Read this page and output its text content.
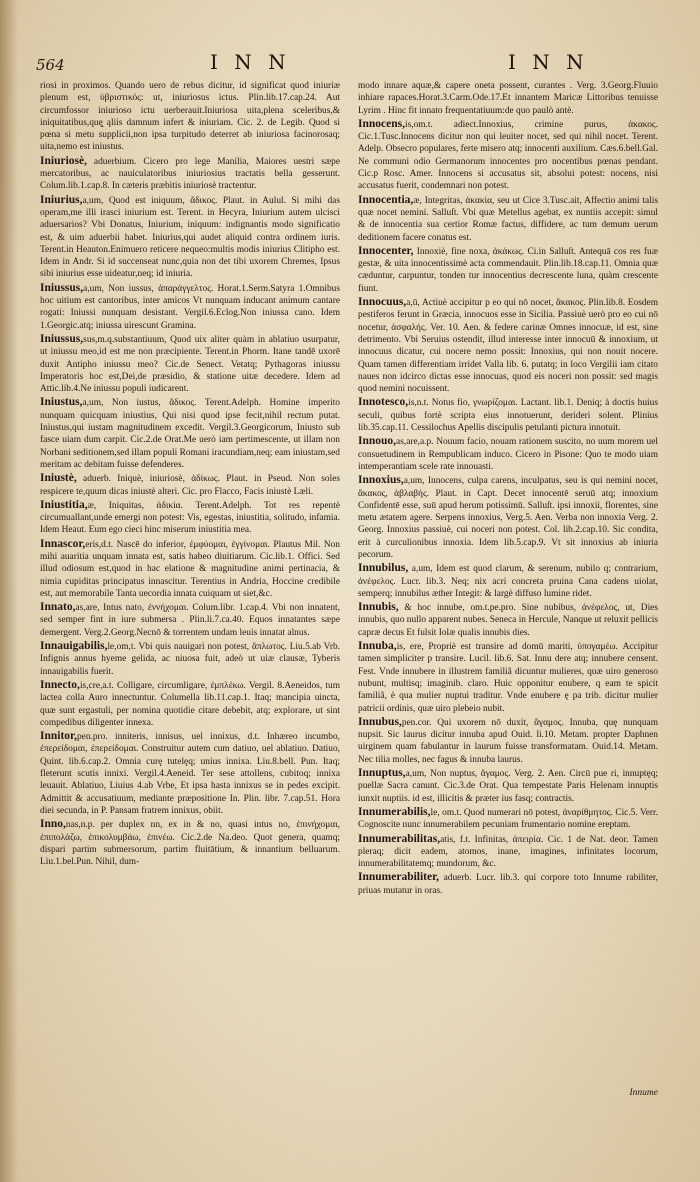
564	I N N	I N N

riosi in proximos. Quando uero de rebus dicitur, id significat quod iniuriæ plenum est, ὑβριστικός: ut, iniuriosus ictus. Plin.lib.17.cap.24. Aut circumfossor iniurioso ictu uerberauit.Iniuriosa uita,plena sceleribus,& iniquitatibus,quę̨ ąliis damnum infert & iniuriam. Cic. 2. de Legib. Quod si pœna si metu supplicii,non ipsa turpitudo deterret ab iniuriosa facinorosaq; uita,nemo est iniustus.

Iniuriosè, aduerbium. Cicero pro lege Manilia, Maiores uestri sæpe mercatoribus, ac nauiculatoribus iniuriosius tractatis bella gesserunt. Colum.lib.1.cap.8. In cæteris præbitis iniuriosè tractentur.

Iniurius,a,um, Quod est iniquum, ἄδικος. Plaut. in Aulul. Si mihi das operam,me illi irasci iniurium est. Terent. in Hecyra, Iniurium autem ulcisci aduersarios? Vbi Donatus, Iniurium, iniquum: indignantis modo significatio est, & uim aduerbii habet. Iniurius,qui audet aliquid contra ordinem iuris. Terent.in Heauton.Enimuero reticere nequeo:multis modis iniurius Clitipho est. Idem in Andr. Si id succenseat nunc,quia non det tibi uxorem Chremes, Ipsus sibi iniurius esse uideatur,neq; id iniuria.

Iniussus,a,um, Non iussus, ἀπαράγγελτος. Horat.1.Serm.Satyra 1.Omnibus hoc uitium est cantoribus, inter amicos Vt nunquam inducant animum cantare rogati: Iniussi nunquam desistant. Vergil.6.Eclog.Non iniussa cano. Idem 1.Georgic.atq; iniussa uirescunt Gramina.

Iniussus,sus,m.q.substantiuum, Quod uix aliter quàm in ablatiuo usurpatur, ut iniussu meo,id est me non præcipiente. Terent.in Phorm. Itane tandē uxorē duxit Antipho iniussu meo? Cic.de Senect. Vetatq; Pythagoras iniussu Imperatoris hoc est,Dei,de præsidio, & statione uitæ decedere. Idem ad Attic.lib.4.Ne iniussu populi iudicarent.

Iniustus,a,um, Non iustus, ἄδικος. Terent.Adelph. Homine imperito nunquam quicquam iniustius, Qui nisi quod ipse fecit,nihil rectum putat. Iniustus,qui iustam magnitudinem excedit. Vergil.3.Georgicorum, Iniusto sub fasce uiam dum carpit. Cic.2.de Orat.Me uerò iam pertimescente, ut illam non Norbani seditionem,sed illam populi Romani iracundiam,neq; eam iniustam,sed meritam ac debitam fuisse defenderes.

Iniustè, aduerb. Iniquè, iniuriosè, ἀδίκως. Plaut. in Pseud. Non soles respicere te,quum dicas iniustè alteri. Cic. pro Flacco, Facis iniustè Læli.

Iniustitia,æ, Iniquitas, ἀδικία. Terent.Adelph. Tot res repentè circumuallant,unde emergi non potest: Vis, egestas, iniustitia, solitudo, infamia. Idem Heaut. Eum ego cieci hinc miserum iniustitia mea.

Innascor,eris,d.t. Nascē do inferior, ἐμφύομαι, ἐγγίνομαι. Plautus Mil. Non mihi auaritia unquam innata est, satis habeo diuitiarum. Cic.lib.1. Offici. Sed illud odiosum est,quod in hac elatione & magnitudine animi pertinacia, & nimia cupiditas principatus innascitur. Terentius in Andria, Hoccine credibile est, aut memorabile Tanta uecordia innata cuiquam ut siet,&c.

Innato,as,are, Intus nato, ἐννήχομαι. Colum.libr. 1.cap.4. Vbi non innatent, sed semper fint in iure submersa . Plin.li.7.ca.40. Equos innatantes sæpe demergent. Verg.2.Georg.Necnō & torrentem undam leuis innatat alnus.

Innauigabilis,le,om,t. Vbi quis nauigari non potest, ἄπλωτος. Liu.5.ab Vrb. Infignis annus hyeme gelida, ac niuosa fuit, adeò ut uiæ clausæ, Tyberis innauigabilis fuerit.

Innecto,is,cre,a.t. Colligare, circumligare, ἐμπλέκω. Vergil. 8.Aeneidos, tum lactea colla Auro innectuntur. Columella lib.11.cap.1. Itaq; mancipia uincta, quæ sunt ergastuli, per nomina quotidie citare debebit, atq; explorare, ut sint compedibus diligenter innexa.

Innitor,pen.pro. inniteris, innisus, uel innixus, d.t. Inhæreo incumbo, ἐπερείδομαι, ἐπερείδομαι. Construitur autem cum datiuo, uel ablatiuo. Datiuo, Quint. lib.6.cap.2. Omnia curę tutelęq; unius innixa. Liu.8.bell. Pun. Itaq; fleterunt scutis innixi. Vergil.4.Aeneid. Ter sese attollens, cubitoq; innixa leuauit. Ablatiuo, Liuius 4.ab Vrbe, Et ipsa hasta innixus se in pedes excipit. Admittit & accusatiuum, mediante præpositione In. Plin. libr. 7.cap.51. Hora diei secunda, in P. Pansam fratrem innixus, obiit.

Inno,nas,n.p. per duplex nn, ex in & no, quasi intus no, ἐπινήχομαι, ἐπιπολάζω, ἐπικολυμβάω, ἐπινέω. Cic.2.de Na.deo. Quot genera, quamq; dispari partim submersorum, partim fluitātium, & innantium belluarum. Liu.1.bel.Pun. Nihil, dum-

modo innare aquæ,& capere oneta possent, curantes . Verg. 3.Georg.Fluuio inhiare rapaces.Horat.3.Carm.Ode.17.Et innantem Maricæ Littoribus tenuisse Lyrim . Hinc fit innato frequentatiuum:de quo paulò antè.

Innocens,is,om.t. adiect.Innoxius, crimine purus, ἀκακος. Cic.1.Tusc.Innocens dicitur non qui leuiter nocet, sed qui nihil nocet. Terent. Adelp. Obsecro populares, ferte misero atq; innocenti auxilium. Cæs.6.bell.Gal. Ne communi odio Germanorum innocentes pro nocentibus pœnas pendant. Cic.p Rosc. Amer. Innocens si accusatus sit, absolui potest: nocens, nisi accusatus fuerit, condemnari non potest.

Innocentia,æ, Integritas, ἀκακία, seu ut Cice 3.Tusc.ait, Affectio animi talis quæ nocet nemini. Salluſt. Vbi quæ Metellus agebat, ex nuntiis accepit: simul & de innocentia sua certior Romæ factus, diffidere, ac tum demum uerum deditionem facere conatus est.

Innocenter, Innoxiè, fine noxa, ἀκάκως. Ci.in Salluſt. Antequā cos res fuæ gestæ, & uita innocentissimè acta commendauit. Plin.lib.18.cap.11. Omnia quæ cæduntur, carpuntur, tonden tur innocentius decrescente luna, quàm crescente fiunt.

Innocuus,a,ū, Actiuè accipitur p eo qui nō nocet, ἄκακος. Plin.lib.8. Eosdem pestiferos ferunt in Græcia, innocuos esse in Sicilia. Passiuè uerò pro eo cui nō nocetur, ἀσφαλής. Ver. 10. Aen. & federe carinæ Omnes innocuæ, id est, sine detrimento. Vbi Seruius ostendit, illud interesse inter innocuū & innoxium, ut innocuus dicatur, cui nocere nemo possit: Innoxius, qui non nouit nocere. Quam tamen differentiam irridet Valla lib. 6. putatq; in loco Vergilii iam citato naues non idcirco dictas esse innocuas, quod eis noceri non possit: sed magis quod nemini nocuissent.

Innotesco,is,n.t. Notus fio, γνωρίζομαι. Lactant. lib.1. Deniq; à doctis huius seculi, quibus fortè scripta eius innotuerunt, derideri solent. Plinius lib.35.cap.11. Cessilochus Apellis discipulis petulanti pictura innotuit.

Innouo,as,are,a.p. Nouum facio, nouam rationem suscito, no uum morem uel consuetudinem in Rempublicam induco. Cicero in Pisone: Quo te modo uiam intemperantiam scele rate innouasti.

Innoxius,a,um, Innocens, culpa carens, inculpatus, seu is qui nemini nocet, ἄκακος, ἀβλαβής. Plaut. in Capt. Decet innocentē seruū atq; innoxium Confidentē esse, suū apud herum potissimū. Salluſt. ipsi innoxii, florentes, sine metu ætatem agere. Serpens innoxius, Verg.5. Aen. Verba non innoxia Verg. 2. Georg. Innoxius passiuè, cui noceri non potest. Col. lib.2.cap.10. Sic condita, erit à curculionibus innoxia. Idem lib.5.cap.9. Vt sit innoxius ab iniuria pecorum.

Innubilus, a,um, Idem est quod clarum, & serenum, nubilo q; contrarium, ἀνέφελος. Lucr. lib.3. Neq; nix acri concreta pruina Cana cadens uiolat, semperq; innubilus æther Integit: & largè diffuso lumine ridet.

Innubis, & hoc innube, om.t.pe.pro. Sine nubibus, ἀνέφελος, ut, Dies innubis, quo nullo apparent nubes. Seneca in Hercule, Nanque ut reluxit pellicis capræ decus Et fulsit Iolæ qualis innubis dies.

Innuba,is, ere, Propriè est transire ad domū mariti, ὑπογαμέω. Accipitur tamen simpliciter p transire. Lucil. lib.6. Sat. Innu dere atq; innubere censent. Fest. Vnde innubere in illustrem familiã dicuntur mulieres, quæ uiro generoso nubunt, multisq; imaginib. claro. Huic opponitur enubere, q eam te spicit familiã, è qua mulier nuptui traditur. Vnde enubere ę pa trib. dicitur mulier patricii ordinis, quæ uiro plebeio nubit.

Innubus,pen.cor. Qui uxorem nō duxit, ἄγαμος. Innuba, quę nunquam nupsit. Sic laurus dicitur innuba apud Ouid. li.10. Metam. propter Daphnen uirginem quam fabulantur in laurum fuisse transformatam. Ouid.14. Metam. Nec tilia molles, nec fagus & innuba laurus.

Innuptus,a,um, Non nuptus, ἄγαμος. Verg. 2. Aen. Circū pue ri, innuptęq; puellæ Sacra canunt. Cic.3.de Orat. Qua tempestate Paris Helenam innuptis iunxit nuptiis. id est, illicitis & præter ius fasq; contractis.

Innumerabilis,le, om.t. Quod numerari nō potest, ἀναρίθμητος. Cic.5. Verr. Cognoscite nunc innumerabilem pecuniam frumentario nomine ereptam.

Innumerabilitas,atis, f.t. Infinitas, ἀπειρία. Cic. 1 de Nat. deor. Tamen pleraq; dicit eadem, atomos, inane, imagines, infinitates locorum, innumerabilitatemq; mundorum, &c.

Innumerabiliter, aduerb. Lucr. lib.3. qui corpore toto Innume rabiliter, priuas mutatur in oras.

Innume
